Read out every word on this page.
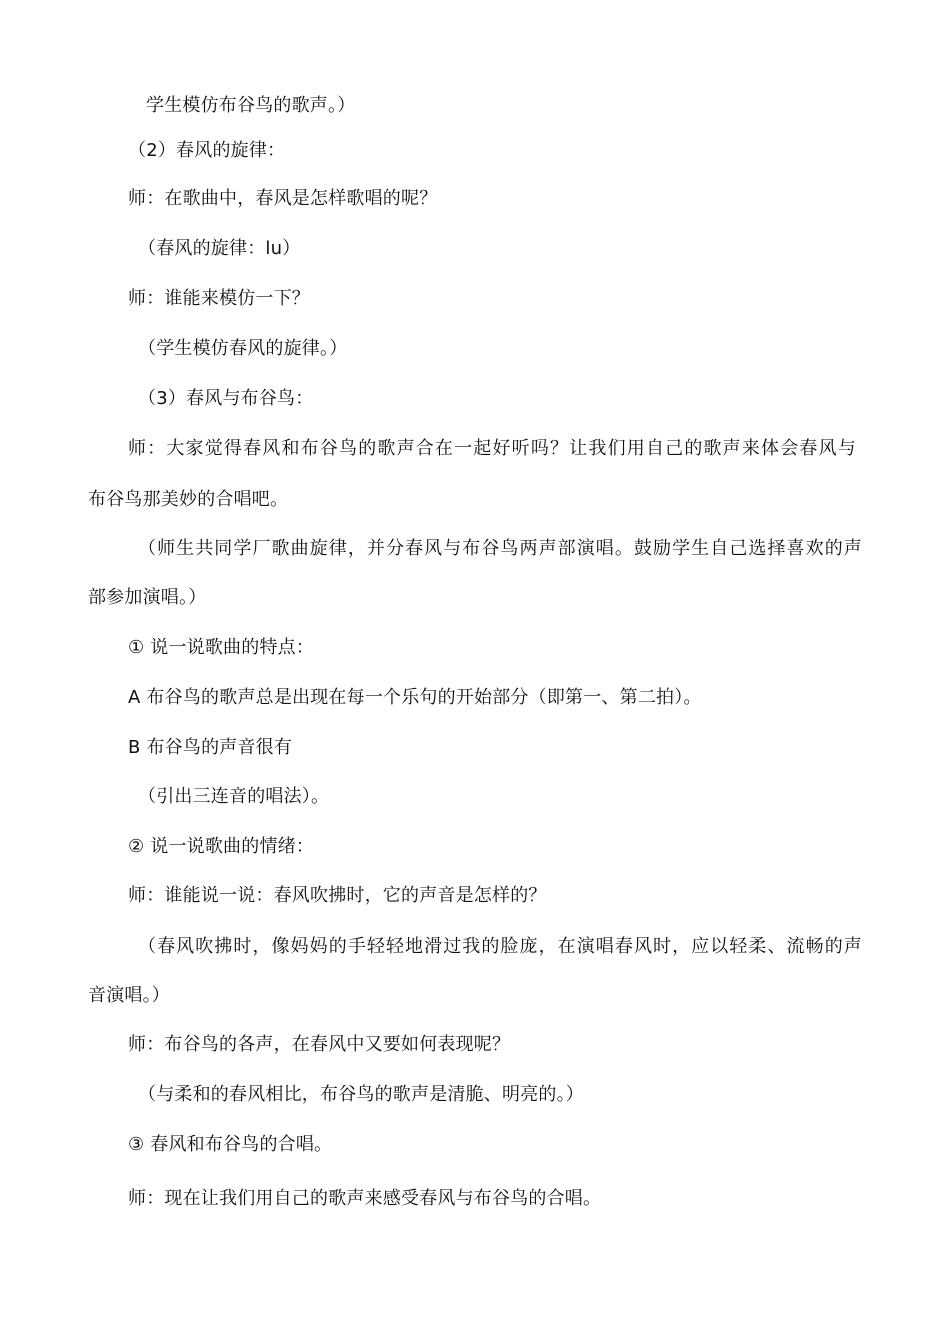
学生模仿布谷鸟的歌声。）
（2）春风的旋律：
师：在歌曲中，春风是怎样歌唱的呢？
（春风的旋律：lu）
师：谁能来模仿一下？
（学生模仿春风的旋律。）
（3）春风与布谷鸟：
师：大家觉得春风和布谷鸟的歌声合在一起好听吗？让我们用自己的歌声来体会春风与
布谷鸟那美妙的合唱吧。
（师生共同学厂歌曲旋律，并分春风与布谷鸟两声部演唱。鼓励学生自己选择喜欢的声
部参加演唱。）
① 说一说歌曲的特点：
A 布谷鸟的歌声总是出现在每一个乐句的开始部分（即第一、第二拍）。
B 布谷鸟的声音很有
（引出三连音的唱法）。
② 说一说歌曲的情绪：
师：谁能说一说：春风吹拂时，它的声音是怎样的？
（春风吹拂时，像妈妈的手轻轻地滑过我的脸庞，在演唱春风时，应以轻柔、流畅的声
音演唱。）
师：布谷鸟的各声，在春风中又要如何表现呢？
（与柔和的春风相比，布谷鸟的歌声是清脆、明亮的。）
③ 春风和布谷鸟的合唱。
师：现在让我们用自己的歌声来感受春风与布谷鸟的合唱。
